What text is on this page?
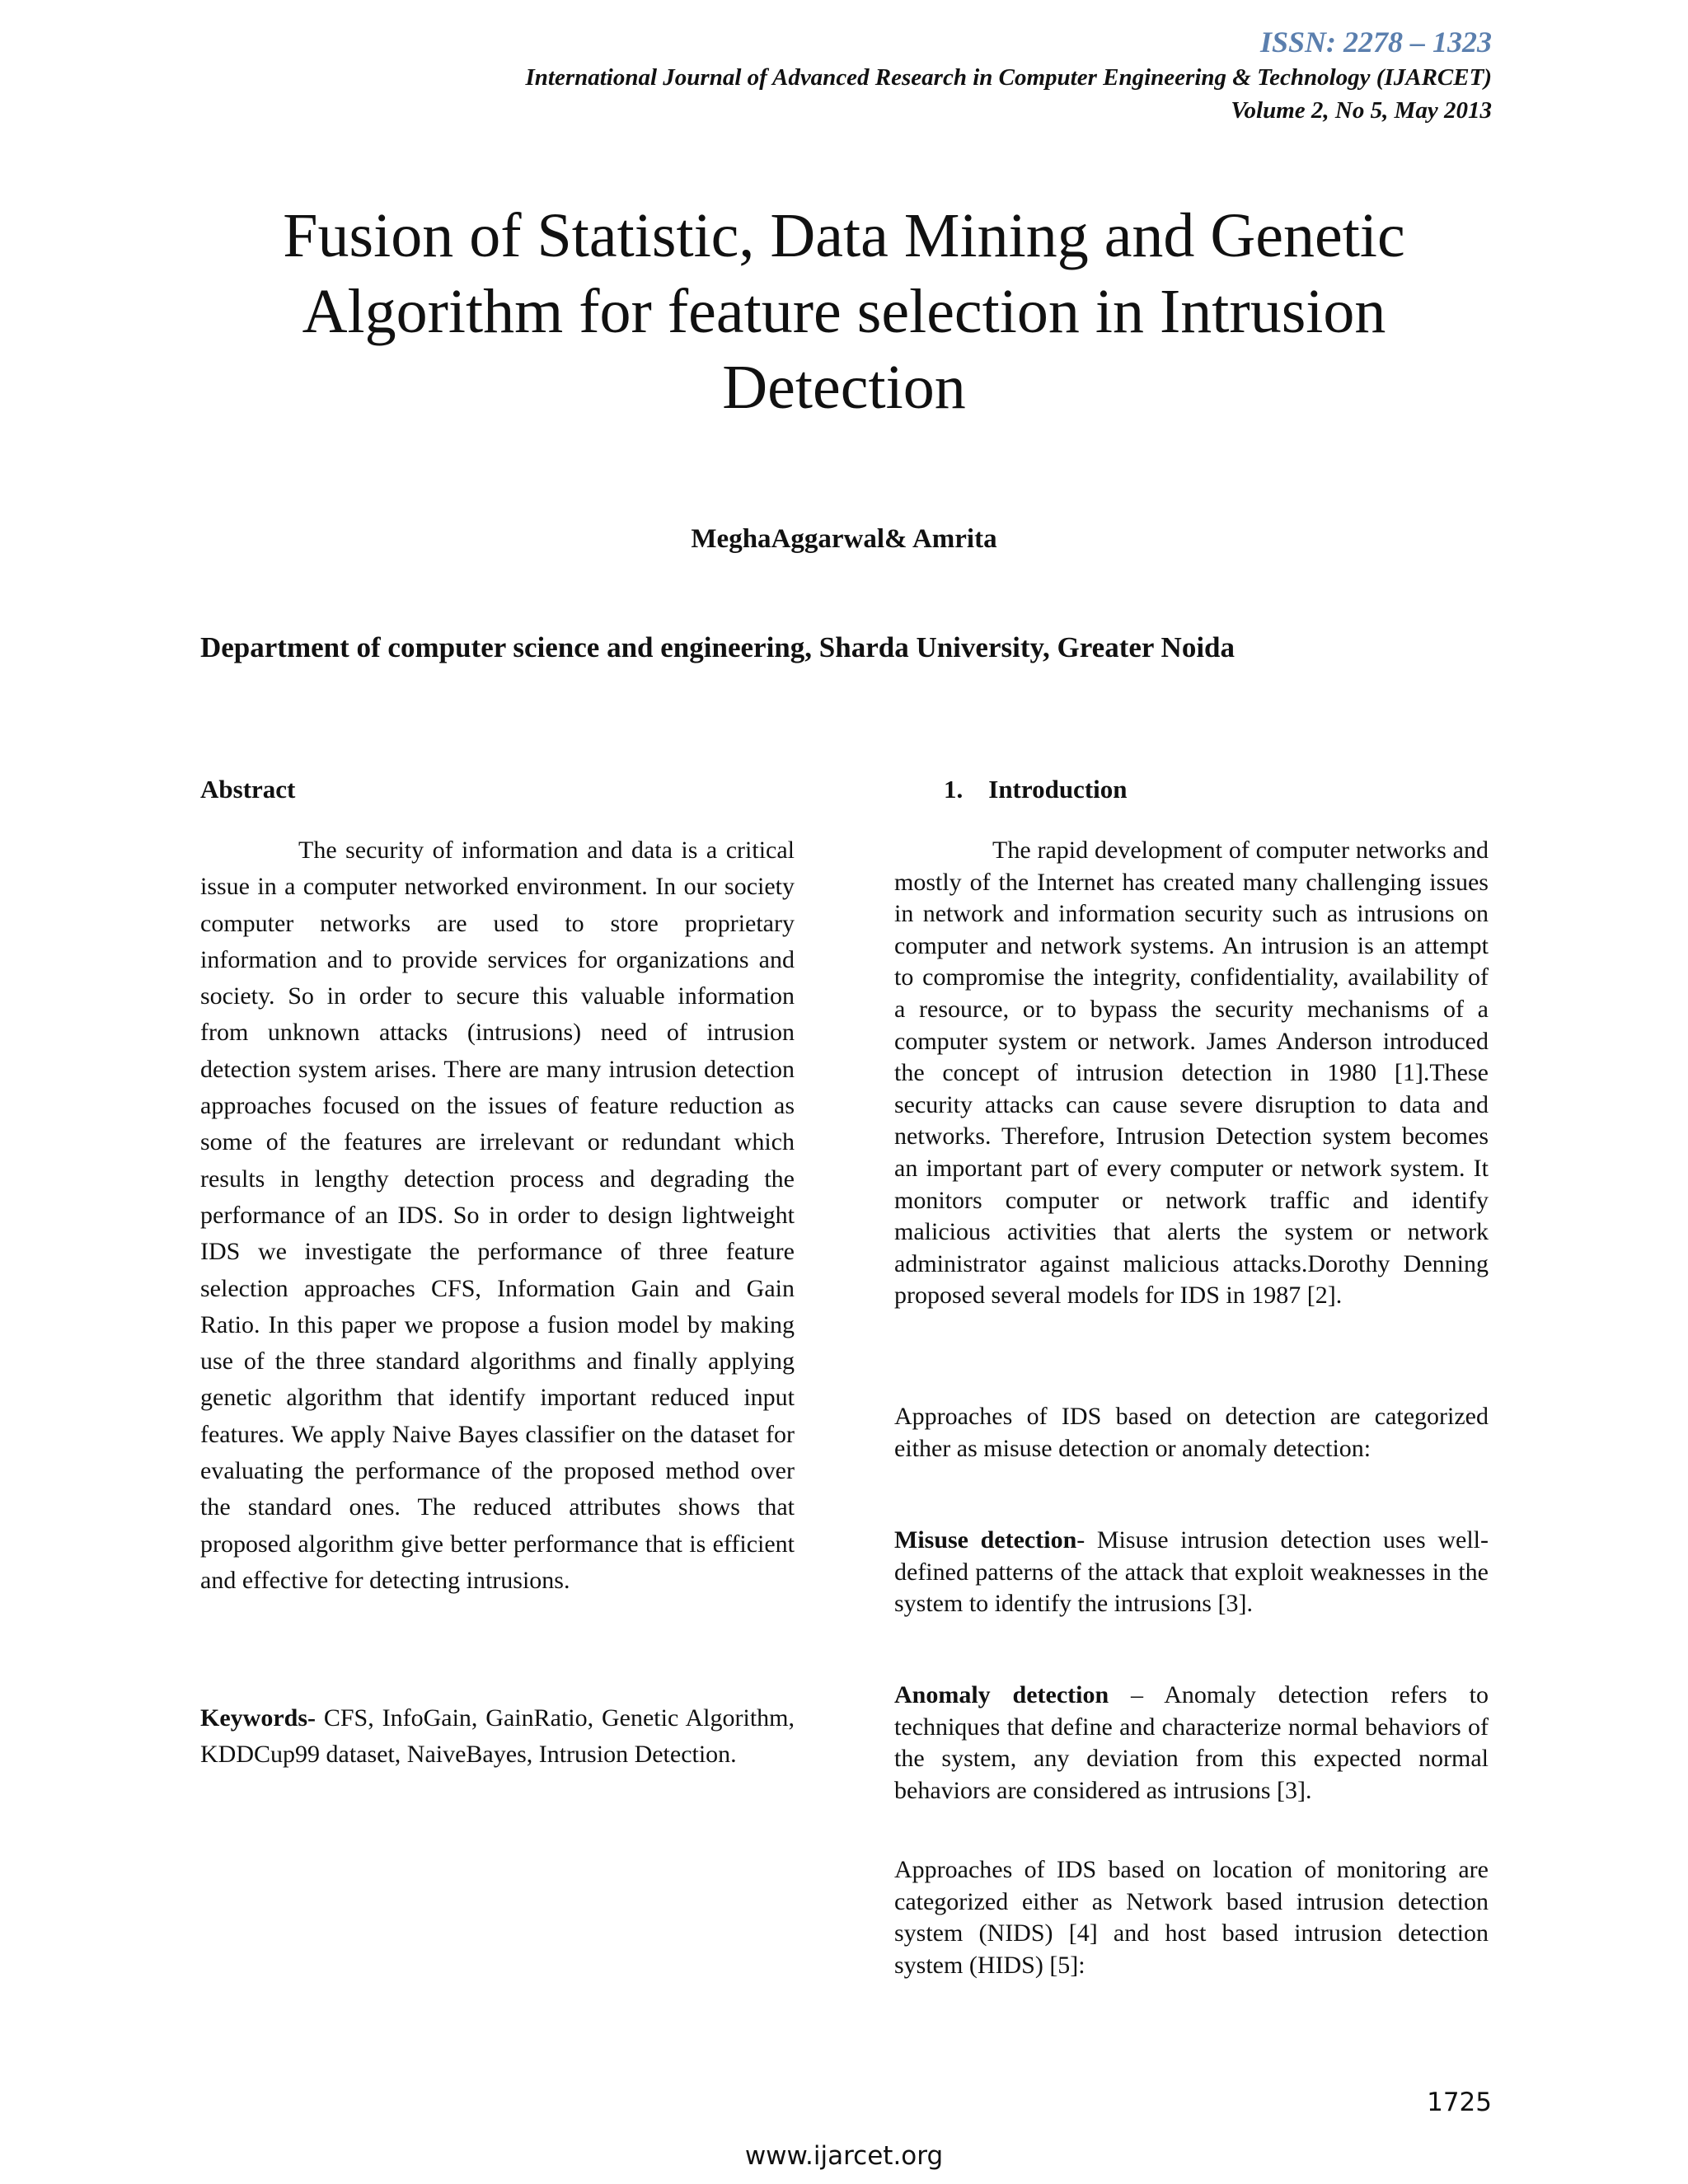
ISSN: 2278 – 1323
International Journal of Advanced Research in Computer Engineering & Technology (IJARCET)
Volume 2, No 5, May 2013
Fusion of Statistic, Data Mining and Genetic
Algorithm for feature selection in Intrusion
Detection
MeghaAggarwal& Amrita
Department of computer science and engineering, Sharda University, Greater Noida
Abstract

The security of information and data is a critical issue in a computer networked environment. In our society computer networks are used to store proprietary information and to provide services for organizations and society. So in order to secure this valuable information from unknown attacks (intrusions) need of intrusion detection system arises. There are many intrusion detection approaches focused on the issues of feature reduction as some of the features are irrelevant or redundant which results in lengthy detection process and degrading the performance of an IDS. So in order to design lightweight IDS we investigate the performance of three feature selection approaches CFS, Information Gain and Gain Ratio. In this paper we propose a fusion model by making use of the three standard algorithms and finally applying genetic algorithm that identify important reduced input features. We apply Naive Bayes classifier on the dataset for evaluating the performance of the proposed method over the standard ones. The reduced attributes shows that proposed algorithm give better performance that is efficient and effective for detecting intrusions.

Keywords- CFS, InfoGain, GainRatio, Genetic Algorithm, KDDCup99 dataset, NaiveBayes, Intrusion Detection.

1. Introduction

The rapid development of computer networks and mostly of the Internet has created many challenging issues in network and information security such as intrusions on computer and network systems. An intrusion is an attempt to compromise the integrity, confidentiality, availability of a resource, or to bypass the security mechanisms of a computer system or network. James Anderson introduced the concept of intrusion detection in 1980 [1].These security attacks can cause severe disruption to data and networks. Therefore, Intrusion Detection system becomes an important part of every computer or network system. It monitors computer or network traffic and identify malicious activities that alerts the system or network administrator against malicious attacks.Dorothy Denning proposed several models for IDS in 1987 [2].

Approaches of IDS based on detection are categorized either as misuse detection or anomaly detection:

Misuse detection- Misuse intrusion detection uses well-defined patterns of the attack that exploit weaknesses in the system to identify the intrusions [3].

Anomaly detection – Anomaly detection refers to techniques that define and characterize normal behaviors of the system, any deviation from this expected normal behaviors are considered as intrusions [3].

Approaches of IDS based on location of monitoring are categorized either as Network based intrusion detection system (NIDS) [4] and host based intrusion detection system (HIDS) [5]:

1725
www.ijarcet.org
